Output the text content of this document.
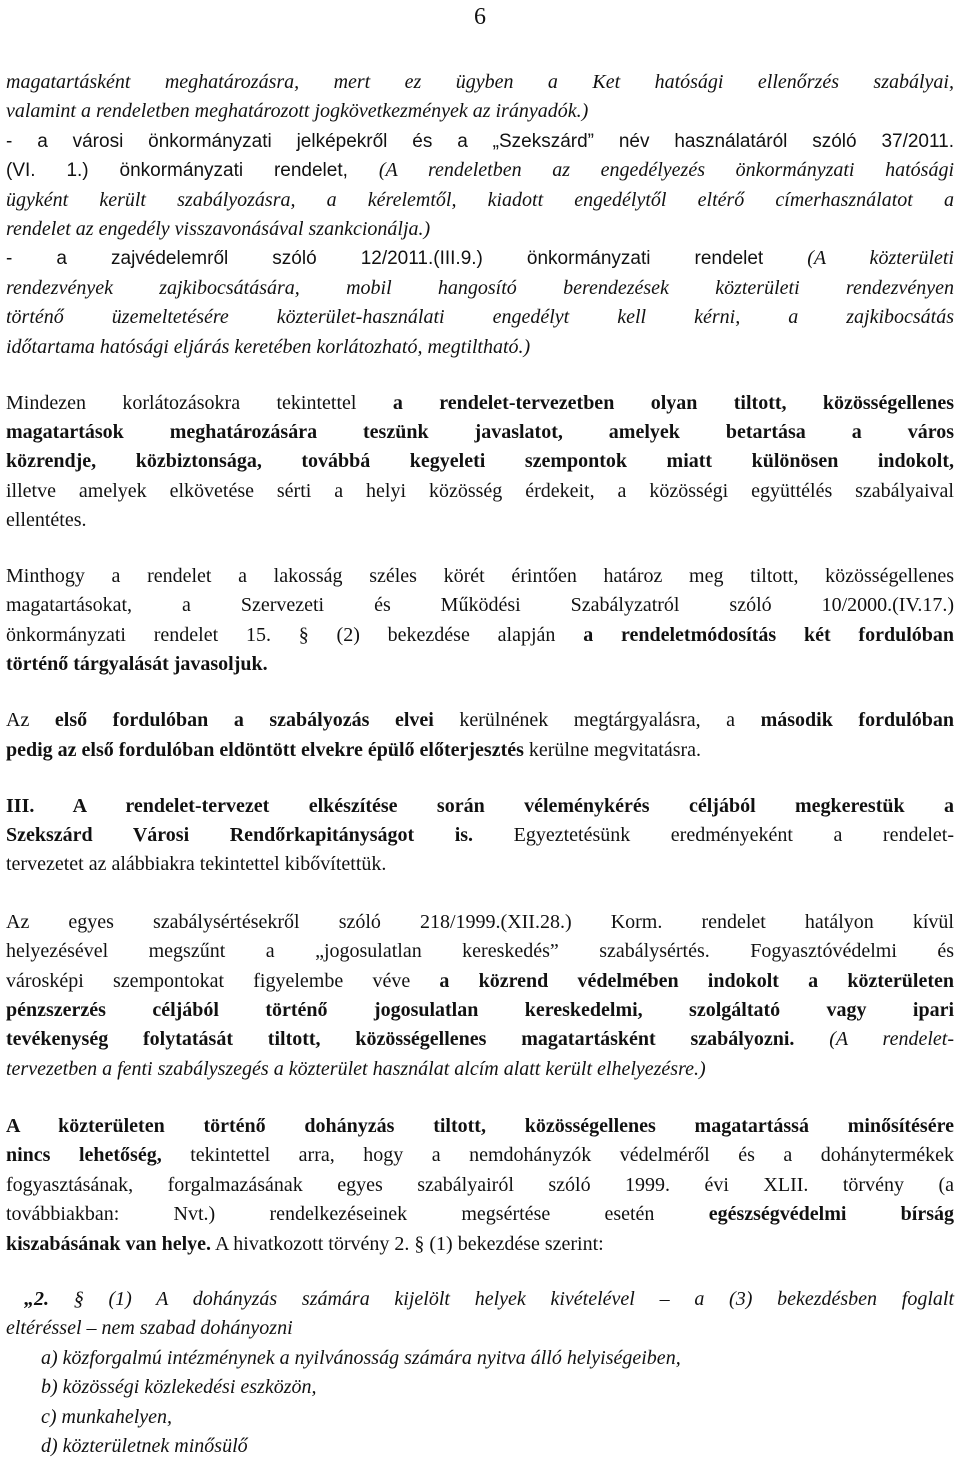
6
magatartásként meghatározásra, mert ez ügyben a Ket hatósági ellenőrzés szabályai,
valamint a rendeletben meghatározott jogkövetkezmények az irányadók.)
- a városi önkormányzati jelképekről és a „Szekszárd” név használatáról szóló 37/2011.
(VI. 1.) önkormányzati rendelet, (A rendeletben az engedélyezés önkormányzati hatósági
ügyként került szabályozásra, a kérelemtől, kiadott engedélytől eltérő címerhasználatot a
rendelet az engedély visszavonásával szankcionálja.)
- a zajvédelemről szóló 12/2011.(III.9.) önkormányzati rendelet (A közterületi
rendezvények zajkibocsátására, mobil hangosító berendezések közterületi rendezvényen
történő üzemeltetésére közterület-használati engedélyt kell kérni, a zajkibocsátás
időtartama hatósági eljárás keretében korlátozható, megtiltható.)
Mindezen korlátozásokra tekintettel a rendelet-tervezetben olyan tiltott, közösségellenes
magatartások meghatározására teszünk javaslatot, amelyek betartása a város
közrendje, közbiztonsága, továbbá kegyeleti szempontok miatt különösen indokolt,
illetve amelyek elkövetése sérti a helyi közösség érdekeit, a közösségi együttélés szabályaival
ellentétes.
Minthogy a rendelet a lakosság széles körét érintően határoz meg tiltott, közösségellenes
magatartásokat, a Szervezeti és Működési Szabályzatról szóló 10/2000.(IV.17.)
önkormányzati rendelet 15. § (2) bekezdése alapján a rendeletmódosítás két fordulóban
történő tárgyalását javasoljuk.
Az első fordulóban a szabályozás elvei kerülnének megtárgyalásra, a második fordulóban
pedig az első fordulóban eldöntött elvekre épülő előterjesztés kerülne megvitatásra.
III. A rendelet-tervezet elkészítése során véleménykérés céljából megkerestük a
Szekszárd Városi Rendőrkapitányságot is. Egyeztetésünk eredményeként a rendelet-
tervezetet az alábbiakra tekintettel kibővítettük.
Az egyes szabálysértésekről szóló 218/1999.(XII.28.) Korm. rendelet hatályon kívül
helyezésével megszűnt a „jogosulatlan kereskedés” szabálysértés. Fogyasztóvédelmi és
városképi szempontokat figyelembe véve a közrend védelmében indokolt a közterületen
pénzszerzés céljából történő jogosulatlan kereskedelmi, szolgáltató vagy ipari
tevékenység folytatását tiltott, közösségellenes magatartásként szabályozni. (A rendelet-
tervezetben a fenti szabályszegés a közterület használat alcím alatt került elhelyezésre.)
A közterületen történő dohányzás tiltott, közösségellenes magatartássá minősítésére
nincs lehetőség, tekintettel arra, hogy a nemdohányzók védelméről és a dohánytermékek
fogyasztásának, forgalmazásának egyes szabályairól szóló 1999. évi XLII. törvény (a
továbbiakban: Nvt.) rendelkezéseinek megsértése esetén egészségvédelmi bírság
kiszabásának van helye. A hivatkozott törvény 2. § (1) bekezdése szerint:
„2. § (1) A dohányzás számára kijelölt helyek kivételével – a (3) bekezdésben foglalt
eltéréssel – nem szabad dohányozni
a) közforgalmú intézménynek a nyilvánosság számára nyitva álló helyiségeiben,
b) közösségi közlekedési eszközön,
c) munkahelyen,
d) közterületnek minősülő
